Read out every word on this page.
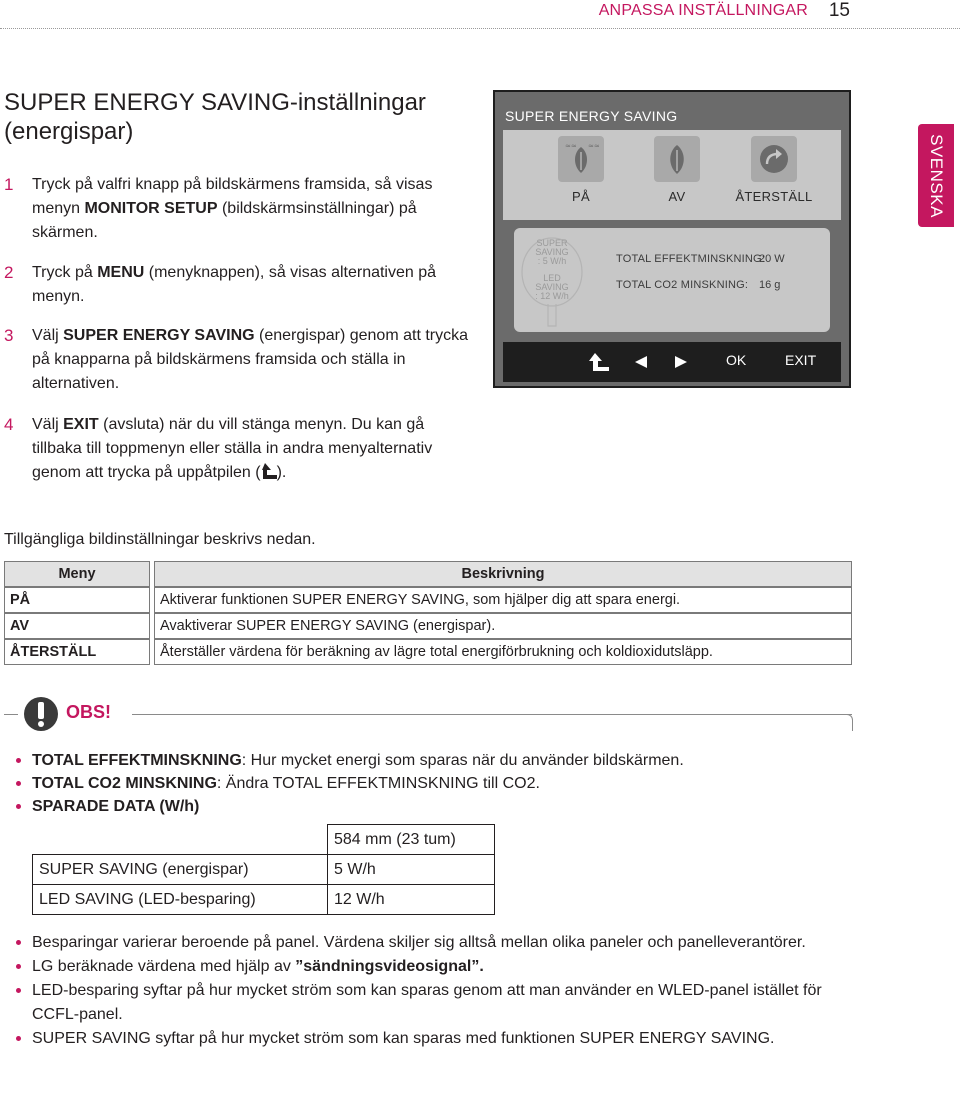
ANPASSA INSTÄLLNINGAR 15
SVENSKA
SUPER ENERGY SAVING-inställningar
(energispar)
1 Tryck på valfri knapp på bildskärmens framsida, så visas menyn MONITOR SETUP (bildskärmsinställningar) på skärmen.
2 Tryck på MENU (menyknappen), så visas alternativen på menyn.
3 Välj SUPER ENERGY SAVING (energispar) genom att trycka på knapparna på bildskärmens framsida och ställa in alternativen.
4 Välj EXIT (avsluta) när du vill stänga menyn. Du kan gå tillbaka till toppmenyn eller ställa in andra menyalternativ genom att trycka på uppåtpilen ( ).
SUPER ENERGY SAVING
≈≈ ≈≈
PÅ	AV	ÅTERSTÄLL
SUPER
SAVING
: 5 W/h
LED
SAVING
: 12 W/h
TOTAL EFFEKTMINSKNING:
20 W
TOTAL CO2 MINSKNING: 16 g
OK	EXIT
Tillgängliga bildinställningar beskrivs nedan.
Meny		Beskrivning
PÅ		Aktiverar funktionen SUPER ENERGY SAVING, som hjälper dig att spara energi.
AV		Avaktiverar SUPER ENERGY SAVING (energispar).
ÅTERSTÄLL		Återställer värdena för beräkning av lägre total energiförbrukning och koldioxidutsläpp.
OBS!
TOTAL EFFEKTMINSKNING: Hur mycket energi som sparas när du använder bildskärmen.
TOTAL CO2 MINSKNING: Ändra TOTAL EFFEKTMINSKNING till CO2.
SPARADE DATA (W/h)
	584 mm (23 tum)
SUPER SAVING (energispar)	5 W/h
LED SAVING (LED-besparing)	12 W/h
Besparingar varierar beroende på panel. Värdena skiljer sig alltså mellan olika paneler och panelleverantörer.
LG beräknade värdena med hjälp av ”sändningsvideosignal”.
LED-besparing syftar på hur mycket ström som kan sparas genom att man använder en WLED-panel istället för CCFL-panel.
SUPER SAVING syftar på hur mycket ström som kan sparas med funktionen SUPER ENERGY SAVING.
